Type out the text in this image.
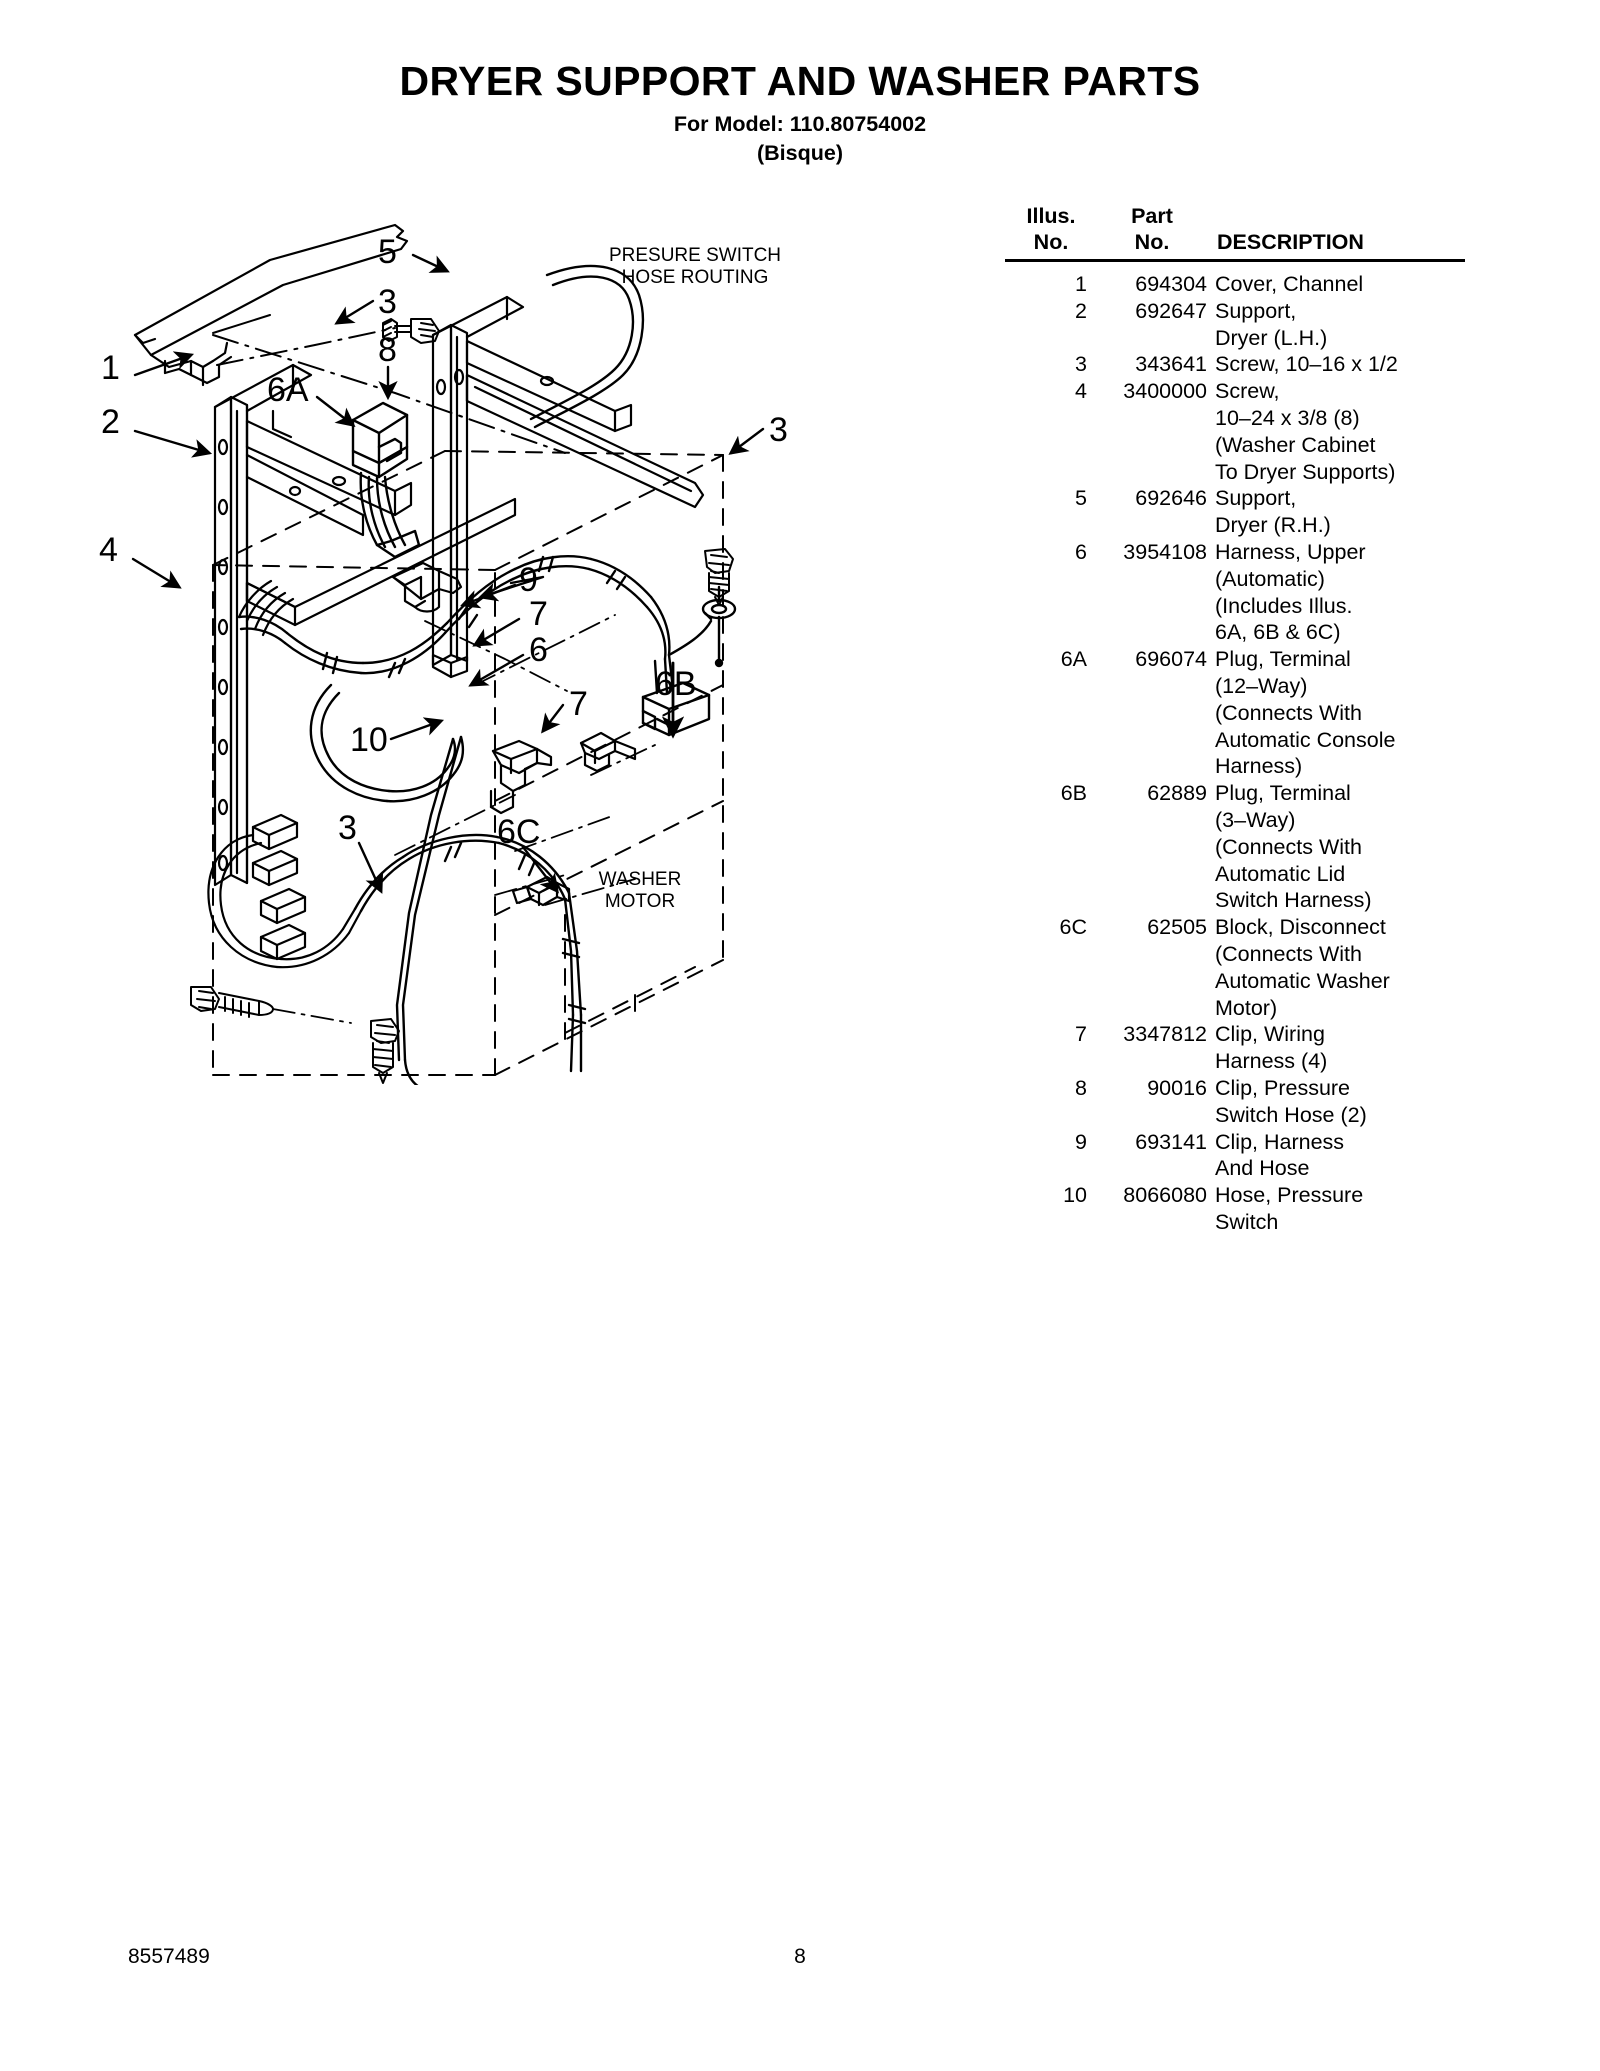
DRYER SUPPORT AND WASHER PARTS
For Model: 110.80754002
(Bisque)
5
3
8
1
6A
2	3
4
9
7
6
6B
7
10
3	6C
PRESURE SWITCH
HOSE ROUTING
WASHER
MOTOR
Illus.
No.
Part
No.	DESCRIPTION
1	694304 Cover, Channel
2	692647 Support,
Dryer (L.H.)
3	343641 Screw, 10–16 x 1/2
4	3400000 Screw,
10–24 x 3/8 (8)
(Washer Cabinet
To Dryer Supports)
5	692646 Support,
Dryer (R.H.)
6	3954108 Harness, Upper
(Automatic)
(Includes Illus.
6A, 6B & 6C)
6A	696074 Plug, Terminal
(12–Way)
(Connects With
Automatic Console
Harness)
6B	62889 Plug, Terminal
(3–Way)
(Connects With
Automatic Lid
Switch Harness)
6C	62505 Block, Disconnect
(Connects With
Automatic Washer
Motor)
7	3347812 Clip, Wiring
Harness (4)
8	90016 Clip, Pressure
Switch Hose (2)
9	693141 Clip, Harness
And Hose
10	8066080 Hose, Pressure
Switch
8557489	8
